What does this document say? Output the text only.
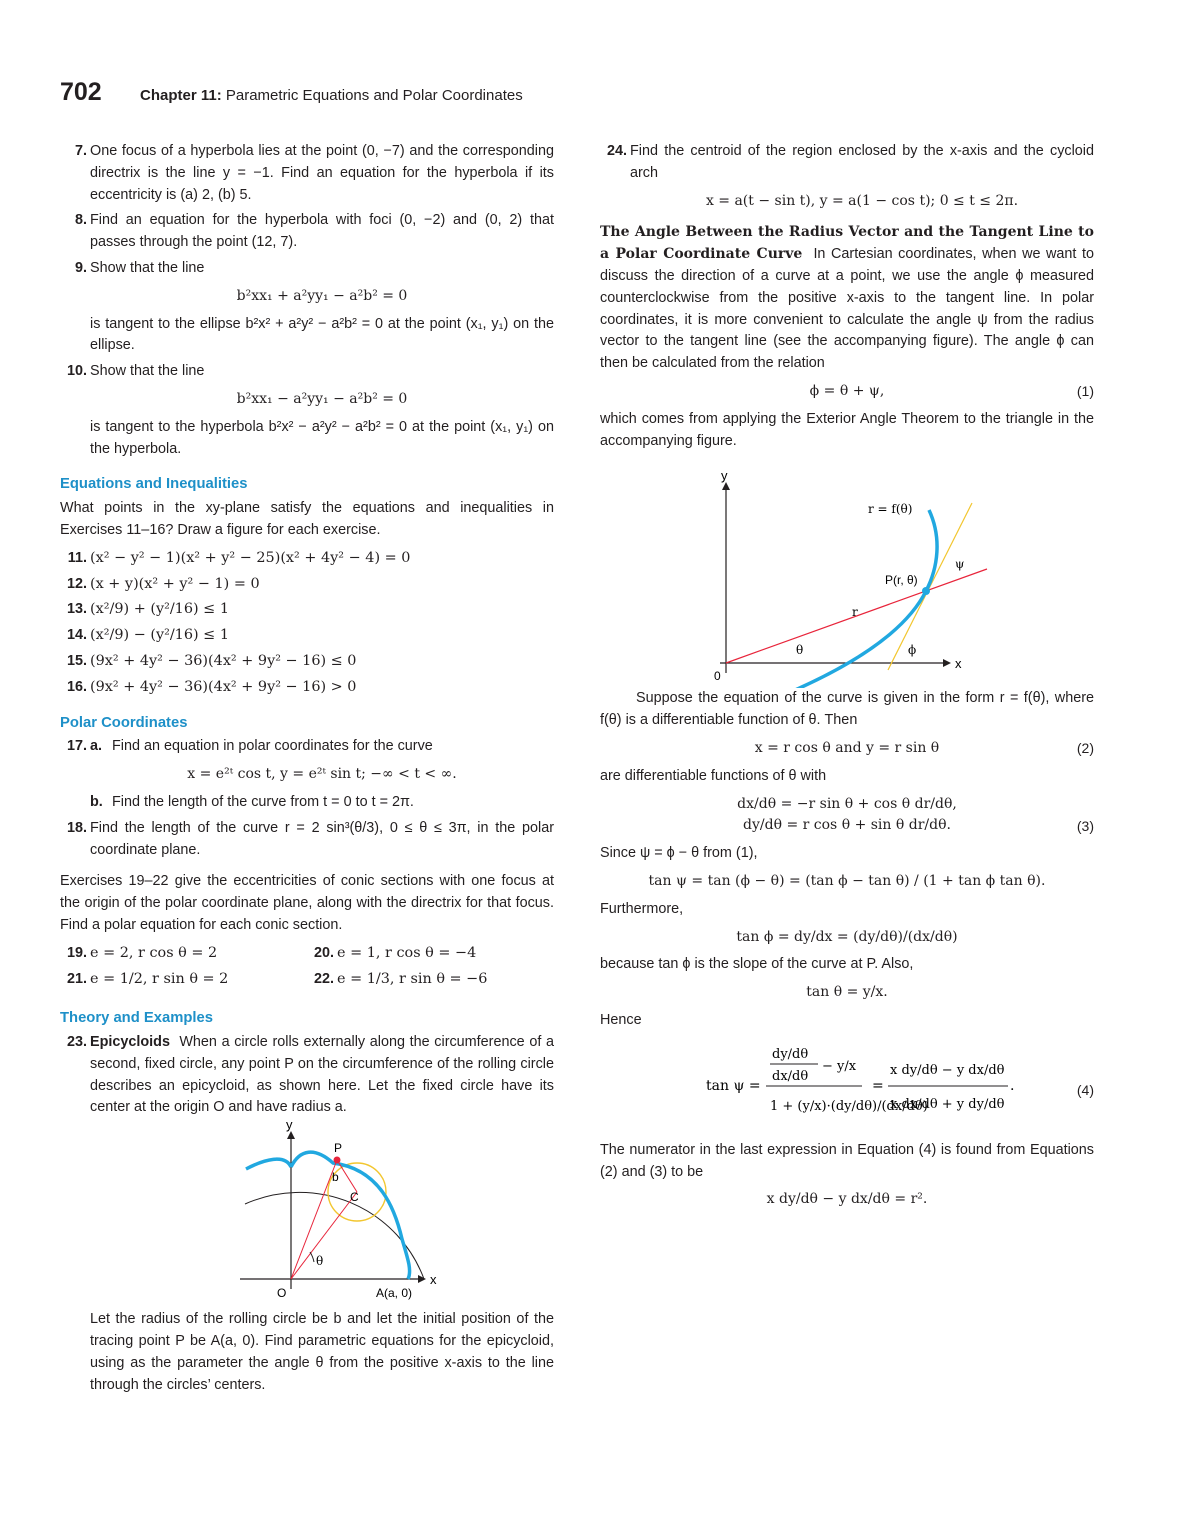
702	Chapter 11: Parametric Equations and Polar Coordinates
7. One focus of a hyperbola lies at the point (0, −7) and the corresponding directrix is the line y = −1. Find an equation for the hyperbola if its eccentricity is (a) 2, (b) 5.
8. Find an equation for the hyperbola with foci (0, −2) and (0, 2) that passes through the point (12, 7).
9. Show that the line
b²xx₁ + a²yy₁ − a²b² = 0
is tangent to the ellipse b²x² + a²y² − a²b² = 0 at the point (x₁, y₁) on the ellipse.
10. Show that the line
b²xx₁ − a²yy₁ − a²b² = 0
is tangent to the hyperbola b²x² − a²y² − a²b² = 0 at the point (x₁, y₁) on the hyperbola.
Equations and Inequalities
What points in the xy-plane satisfy the equations and inequalities in Exercises 11–16? Draw a figure for each exercise.
11. (x² − y² − 1)(x² + y² − 25)(x² + 4y² − 4) = 0
12. (x + y)(x² + y² − 1) = 0
13. (x²/9) + (y²/16) ≤ 1
14. (x²/9) − (y²/16) ≤ 1
15. (9x² + 4y² − 36)(4x² + 9y² − 16) ≤ 0
16. (9x² + 4y² − 36)(4x² + 9y² − 16) > 0
Polar Coordinates
17. a. Find an equation in polar coordinates for the curve
x = e²ᵗ cos t, y = e²ᵗ sin t; −∞ < t < ∞.
b. Find the length of the curve from t = 0 to t = 2π.
18. Find the length of the curve r = 2 sin³(θ/3), 0 ≤ θ ≤ 3π, in the polar coordinate plane.
Exercises 19–22 give the eccentricities of conic sections with one focus at the origin of the polar coordinate plane, along with the directrix for that focus. Find a polar equation for each conic section.
19. e = 2, r cos θ = 2	20. e = 1, r cos θ = −4
21. e = 1/2, r sin θ = 2	22. e = 1/3, r sin θ = −6
Theory and Examples
23. Epicycloids When a circle rolls externally along the circumference of a second, fixed circle, any point P on the circumference of the rolling circle describes an epicycloid, as shown here. Let the fixed circle have its center at the origin O and have radius a.
y
x
P
b
C
θ
O	A(a, 0)
Let the radius of the rolling circle be b and let the initial position of the tracing point P be A(a, 0). Find parametric equations for the epicycloid, using as the parameter the angle θ from the positive x-axis to the line through the circles’ centers.
24. Find the centroid of the region enclosed by the x-axis and the cycloid arch
x = a(t − sin t), y = a(1 − cos t); 0 ≤ t ≤ 2π.
The Angle Between the Radius Vector and the Tangent Line to a Polar Coordinate Curve In Cartesian coordinates, when we want to discuss the direction of a curve at a point, we use the angle ϕ measured counterclockwise from the positive x-axis to the tangent line. In polar coordinates, it is more convenient to calculate the angle ψ from the radius vector to the tangent line (see the accompanying figure). The angle ϕ can then be calculated from the relation
ϕ = θ + ψ,	(1)
which comes from applying the Exterior Angle Theorem to the triangle in the accompanying figure.
y
r = f(θ)
ψ
P(r, θ)
r
θ	ϕ
x
0
Suppose the equation of the curve is given in the form r = f(θ), where f(θ) is a differentiable function of θ. Then
x = r cos θ and y = r sin θ	(2)
are differentiable functions of θ with
dx/dθ = −r sin θ + cos θ dr/dθ,
dy/dθ = r cos θ + sin θ dr/dθ.	(3)
Since ψ = ϕ − θ from (1),
tan ψ = tan (ϕ − θ) = (tan ϕ − tan θ) / (1 + tan ϕ tan θ).
Furthermore,
tan ϕ = dy/dx = (dy/dθ)/(dx/dθ)
because tan ϕ is the slope of the curve at P. Also,
tan θ = y/x.
Hence
tan ψ =
dy/dθ
dx/dθ
− y/x
1 + (y/x)·(dy/dθ)/(dx/dθ)
=
x dy/dθ − y dx/dθ
x dx/dθ + y dy/dθ
.	(4)
The numerator in the last expression in Equation (4) is found from Equations (2) and (3) to be
x dy/dθ − y dx/dθ = r².
